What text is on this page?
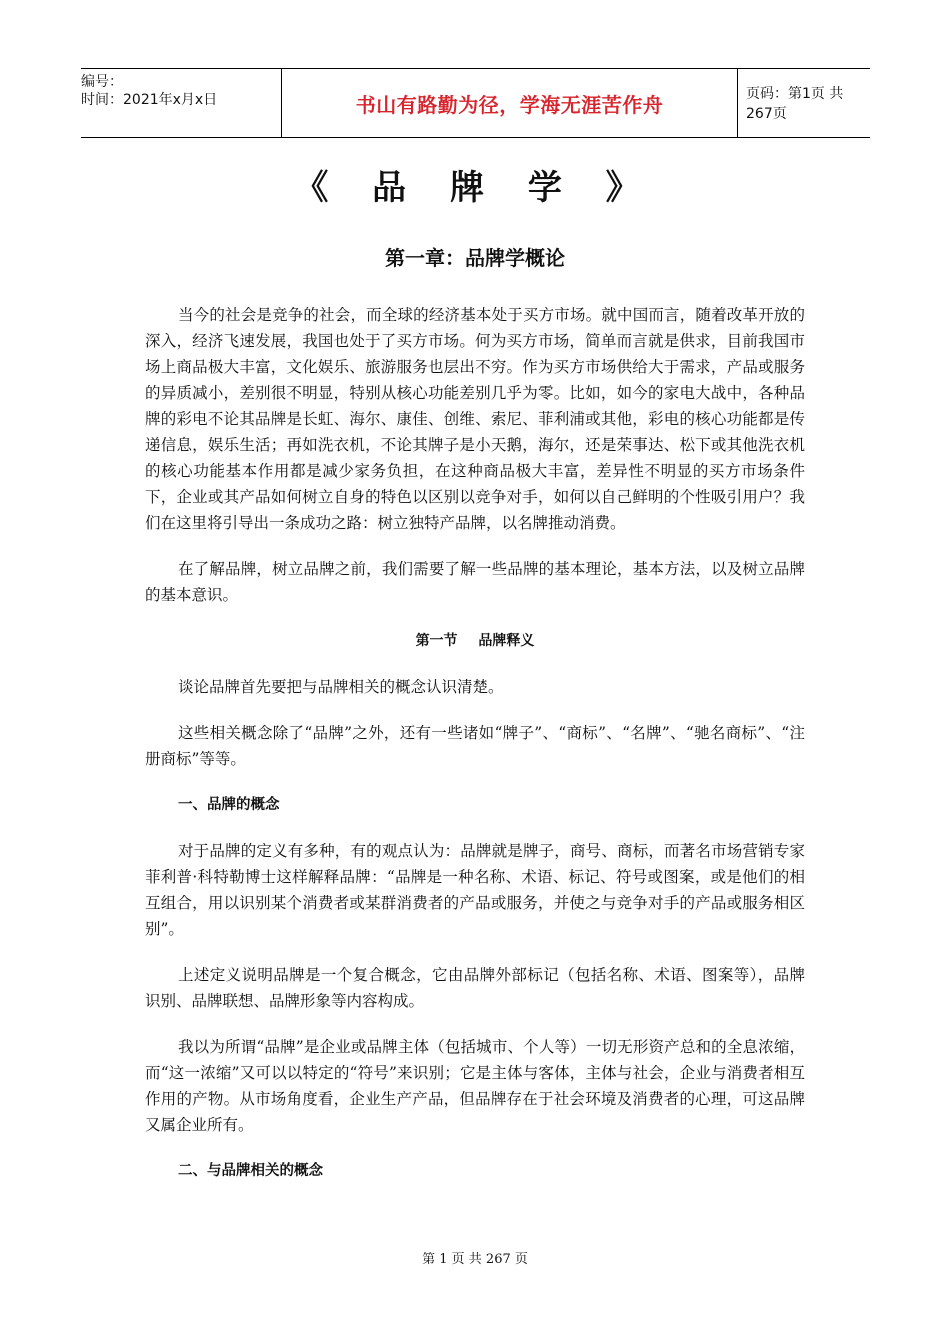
编号：
时间：2021年x月x日	书山有路勤为径，学海无涯苦作舟	页码：第1页 共267页
《 品 牌 学 》
第一章：品牌学概论

当今的社会是竞争的社会，而全球的经济基本处于买方市场。就中国而言，随着改革开放的深入，经济飞速发展，我国也处于了买方市场。何为买方市场，简单而言就是供求，目前我国市场上商品极大丰富，文化娱乐、旅游服务也层出不穷。作为买方市场供给大于需求，产品或服务的异质减小，差别很不明显，特别从核心功能差别几乎为零。比如，如今的家电大战中，各种品牌的彩电不论其品牌是长虹、海尔、康佳、创维、索尼、菲利浦或其他，彩电的核心功能都是传递信息，娱乐生活；再如洗衣机，不论其牌子是小天鹅，海尔，还是荣事达、松下或其他洗衣机的核心功能基本作用都是减少家务负担，在这种商品极大丰富，差异性不明显的买方市场条件下，企业或其产品如何树立自身的特色以区别以竞争对手，如何以自己鲜明的个性吸引用户？我们在这里将引导出一条成功之路：树立独特产品牌，以名牌推动消费。

在了解品牌，树立品牌之前，我们需要了解一些品牌的基本理论，基本方法，以及树立品牌的基本意识。

第一节 品牌释义

谈论品牌首先要把与品牌相关的概念认识清楚。

这些相关概念除了“品牌”之外，还有一些诸如“牌子”、“商标”、“名牌”、“驰名商标”、“注册商标”等等。

一、品牌的概念

对于品牌的定义有多种，有的观点认为：品牌就是牌子，商号、商标，而著名市场营销专家菲利普·科特勒博士这样解释品牌：“品牌是一种名称、术语、标记、符号或图案，或是他们的相互组合，用以识别某个消费者或某群消费者的产品或服务，并使之与竞争对手的产品或服务相区别”。

上述定义说明品牌是一个复合概念，它由品牌外部标记（包括名称、术语、图案等），品牌识别、品牌联想、品牌形象等内容构成。

我以为所谓“品牌”是企业或品牌主体（包括城市、个人等）一切无形资产总和的全息浓缩，而“这一浓缩”又可以以特定的“符号”来识别；它是主体与客体，主体与社会，企业与消费者相互作用的产物。从市场角度看，企业生产产品，但品牌存在于社会环境及消费者的心理，可这品牌又属企业所有。

二、与品牌相关的概念
第 1 页 共 267 页
